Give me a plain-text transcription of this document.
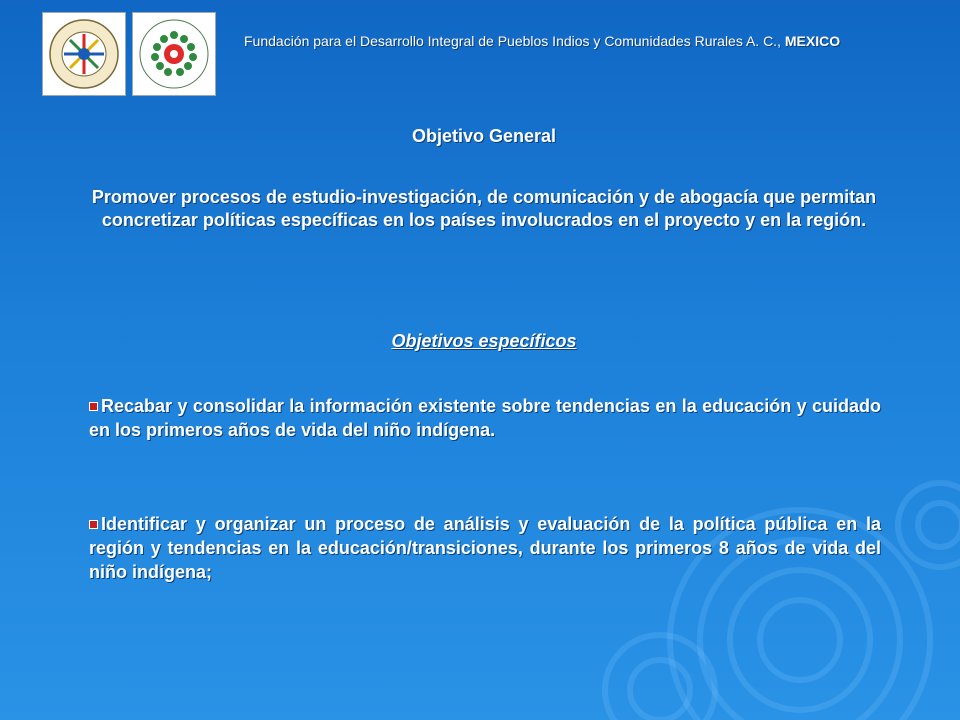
Fundación para el Desarrollo Integral de Pueblos Indios y Comunidades Rurales A. C., MEXICO
Objetivo General
Promover procesos de estudio-investigación, de comunicación y de abogacía que permitan concretizar políticas específicas en los países involucrados en el proyecto y en la región.
Objetivos específicos
Recabar y consolidar la información existente sobre tendencias en la educación y cuidado en los primeros años de vida del niño indígena.
Identificar y organizar un proceso de análisis y evaluación de la política pública en la región y tendencias en la educación/transiciones, durante los primeros 8 años de vida del niño indígena;
